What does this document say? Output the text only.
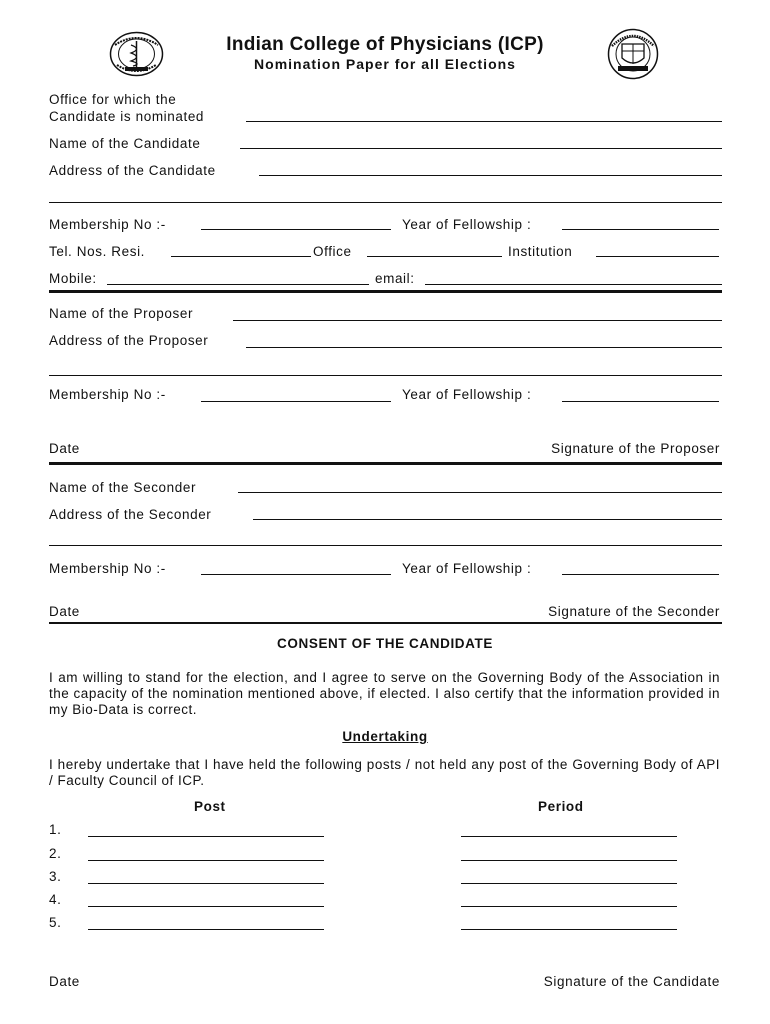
Indian College of Physicians (ICP)
Nomination Paper for all Elections
Office for which the
Candidate is nominated
Name of the Candidate
Address of the Candidate
Membership No :-	Year of Fellowship :
Tel. Nos. Resi.	Office	Institution
Mobile:	email:
Name of the Proposer
Address of the Proposer
Membership No :-	Year of Fellowship :
Date	Signature of the Proposer
Name of the Seconder
Address of the Seconder
Membership No :-	Year of Fellowship :
Date	Signature of the Seconder
CONSENT OF THE CANDIDATE
I am willing to stand for the election, and I agree to serve on the Governing Body of the Association in the capacity of the nomination mentioned above, if elected. I also certify that the information provided in my Bio-Data is correct.
Undertaking
I hereby undertake that I have held the following posts / not held any post of the Governing Body of API / Faculty Council of ICP.
Post	Period
1.
2.
3.
4.
5.
Date	Signature of the Candidate
